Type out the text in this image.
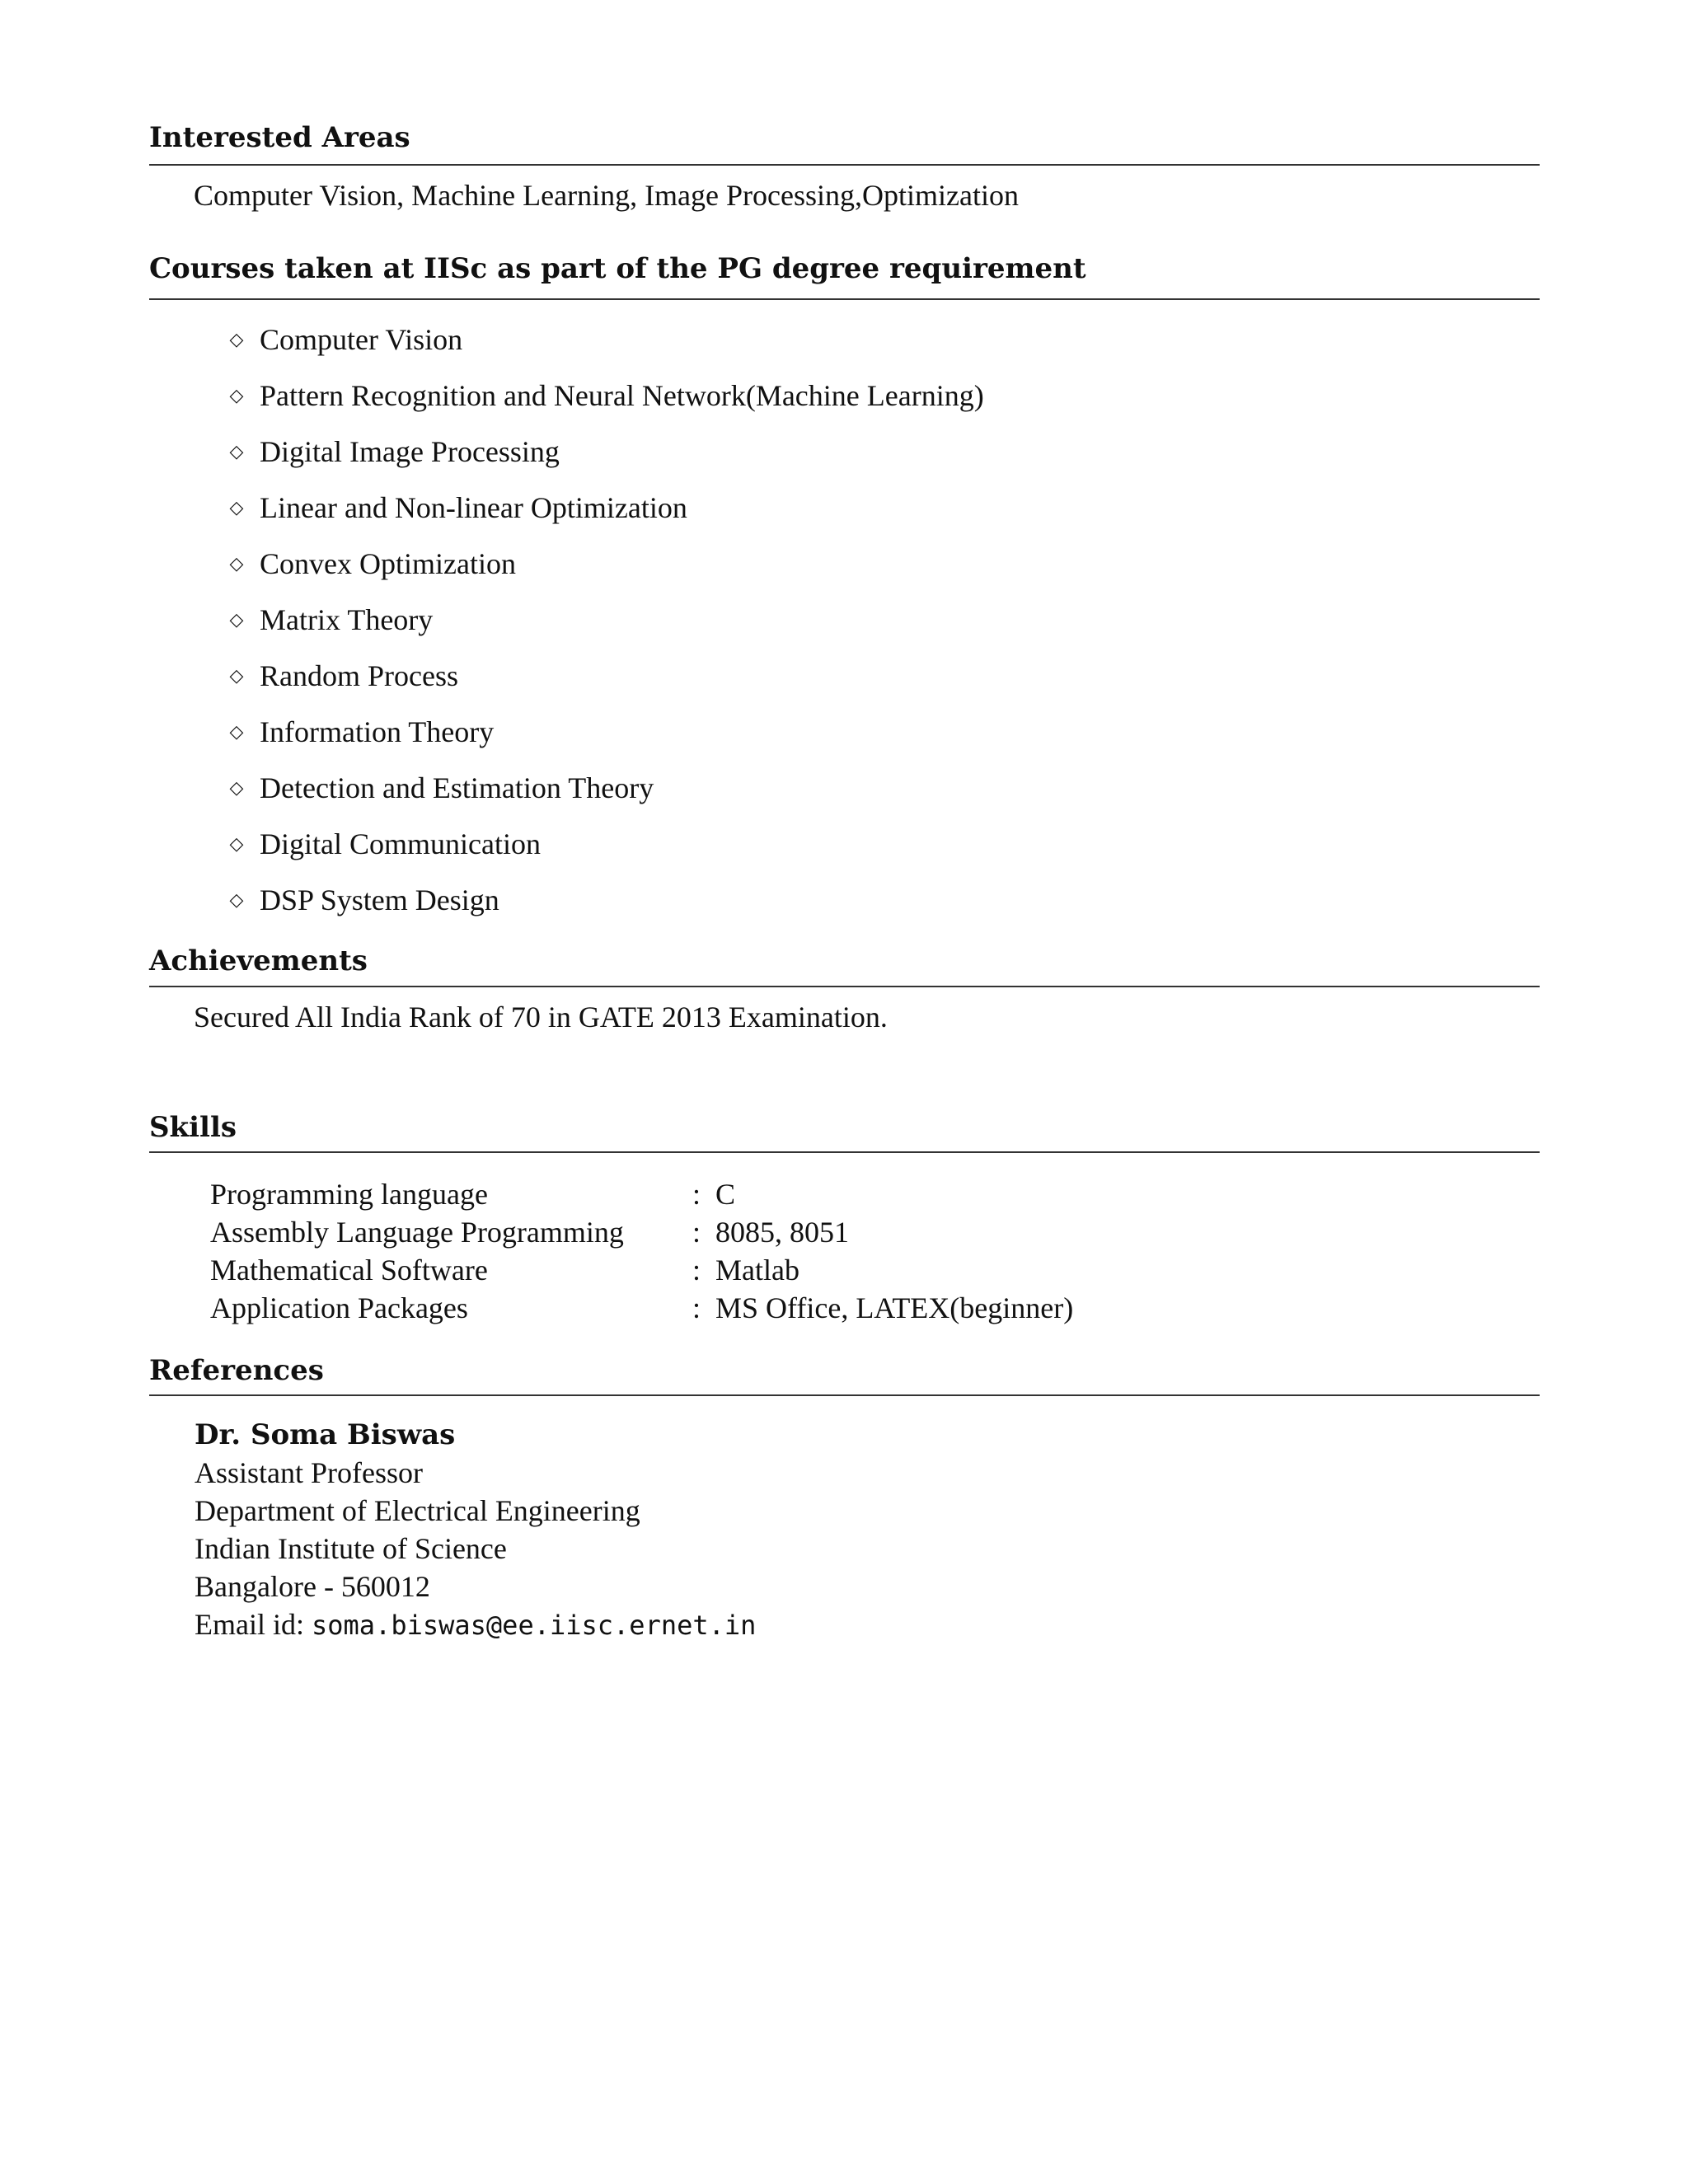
Interested Areas
Computer Vision, Machine Learning, Image Processing,Optimization
Courses taken at IISc as part of the PG degree requirement
◇ Computer Vision
◇ Pattern Recognition and Neural Network(Machine Learning)
◇ Digital Image Processing
◇ Linear and Non-linear Optimization
◇ Convex Optimization
◇ Matrix Theory
◇ Random Process
◇ Information Theory
◇ Detection and Estimation Theory
◇ Digital Communication
◇ DSP System Design
Achievements
Secured All India Rank of 70 in GATE 2013 Examination.
Skills
Programming language	: C
Assembly Language Programming	: 8085, 8051
Mathematical Software	: Matlab
Application Packages	: MS Office, LATEX(beginner)
References
Dr. Soma Biswas
Assistant Professor
Department of Electrical Engineering
Indian Institute of Science
Bangalore - 560012
Email id: soma.biswas@ee.iisc.ernet.in
